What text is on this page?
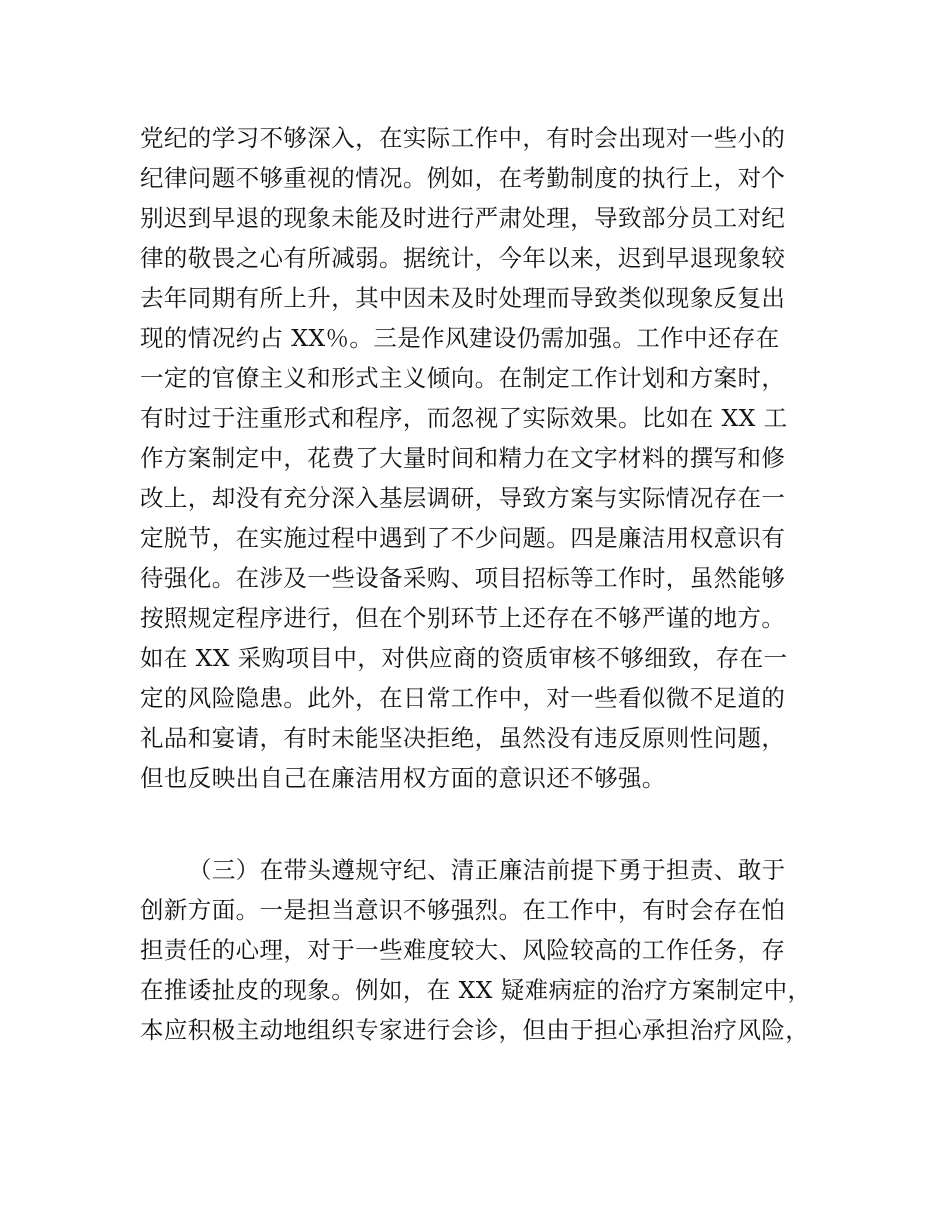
党纪的学习不够深入，在实际工作中，有时会出现对一些小的
纪律问题不够重视的情况。例如，在考勤制度的执行上，对个
别迟到早退的现象未能及时进行严肃处理，导致部分员工对纪
律的敬畏之心有所减弱。据统计，今年以来，迟到早退现象较
去年同期有所上升，其中因未及时处理而导致类似现象反复出
现的情况约占 XX％。三是作风建设仍需加强。工作中还存在
一定的官僚主义和形式主义倾向。在制定工作计划和方案时，
有时过于注重形式和程序，而忽视了实际效果。比如在 XX 工
作方案制定中，花费了大量时间和精力在文字材料的撰写和修
改上，却没有充分深入基层调研，导致方案与实际情况存在一
定脱节，在实施过程中遇到了不少问题。四是廉洁用权意识有
待强化。在涉及一些设备采购、项目招标等工作时，虽然能够
按照规定程序进行，但在个别环节上还存在不够严谨的地方。
如在 XX 采购项目中，对供应商的资质审核不够细致，存在一
定的风险隐患。此外，在日常工作中，对一些看似微不足道的
礼品和宴请，有时未能坚决拒绝，虽然没有违反原则性问题，
但也反映出自己在廉洁用权方面的意识还不够强。
（三）在带头遵规守纪、清正廉洁前提下勇于担责、敢于
创新方面。一是担当意识不够强烈。在工作中，有时会存在怕
担责任的心理，对于一些难度较大、风险较高的工作任务，存
在推诿扯皮的现象。例如，在 XX 疑难病症的治疗方案制定中，
本应积极主动地组织专家进行会诊，但由于担心承担治疗风险，
